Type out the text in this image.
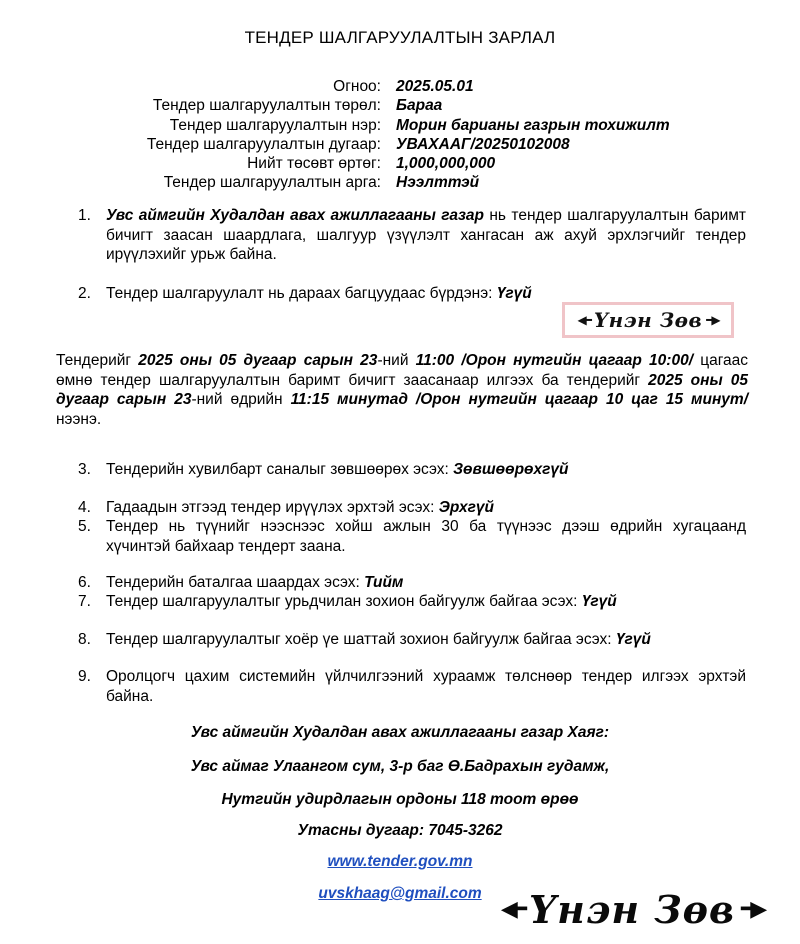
ТЕНДЕР ШАЛГАРУУЛАЛТЫН ЗАРЛАЛ
Огноо: 2025.05.01
Тендер шалгаруулалтын төрөл: Бараа
Тендер шалгаруулалтын нэр: Морин барианы газрын тохижилт
Тендер шалгаруулалтын дугаар: УВАХААГ/20250102008
Нийт төсөвт өртөг: 1,000,000,000
Тендер шалгаруулалтын арга: Нээлттэй
1. Увс аймгийн Худалдан авах ажиллагааны газар нь тендер шалгаруулалтын баримт бичигт заасан шаардлага, шалгуур үзүүлэлт хангасан аж ахуй эрхлэгчийг тендер ирүүлэхийг урьж байна.
2. Тендер шалгаруулалт нь дараах багцуудаас бүрдэнэ: Үгүй
◀━ Үнэн Зөв ━▶
Тендерийг 2025 оны 05 дугаар сарын 23-ний 11:00 /Орон нутгийн цагаар 10:00/ цагаас өмнө тендер шалгаруулалтын баримт бичигт заасанаар илгээх ба тендерийг 2025 оны 05 дугаар сарын 23-ний өдрийн 11:15 минутад /Орон нутгийн цагаар 10 цаг 15 минут/ нээнэ.
3. Тендерийн хувилбарт саналыг зөвшөөрөх эсэх: Зөвшөөрөхгүй
4. Гадаадын этгээд тендер ирүүлэх эрхтэй эсэх: Эрхгүй
5. Тендер нь түүнийг нээснээс хойш ажлын 30 ба түүнээс дээш өдрийн хугацаанд хүчинтэй байхаар тендерт заана.
6. Тендерийн баталгаа шаардах эсэх: Тийм
7. Тендер шалгаруулалтыг урьдчилан зохион байгуулж байгаа эсэх: Үгүй
8. Тендер шалгаруулалтыг хоёр үе шаттай зохион байгуулж байгаа эсэх: Үгүй
9. Оролцогч цахим системийн үйлчилгээний хураамж төлснөөр тендер илгээх эрхтэй байна.
Увс аймгийн Худалдан авах ажиллагааны газар Хаяг:
Увс аймаг Улаангом сум, 3-р баг Ө.Бадрахын гудамж,
Нутгийн удирдлагын ордоны 118 тоот өрөө
Утасны дугаар: 7045-3262
www.tender.gov.mn
uvskhaag@gmail.com
◀━ Үнэн Зөв ━▶
